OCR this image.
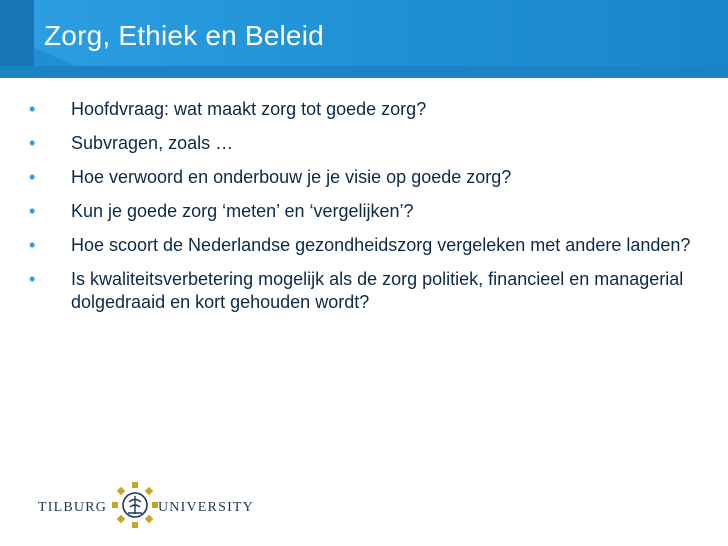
Zorg, Ethiek en Beleid
• Hoofdvraag: wat maakt zorg tot goede zorg?
• Subvragen, zoals …
• Hoe verwoord en onderbouw je je visie op goede zorg?
• Kun je goede zorg ‘meten’ en ‘vergelijken’?
• Hoe scoort de Nederlandse gezondheidszorg vergeleken met andere landen?
• Is kwaliteitsverbetering mogelijk als de zorg politiek, financieel en managerial dolgedraaid en kort gehouden wordt?
TILBURG	UNIVERSITY
